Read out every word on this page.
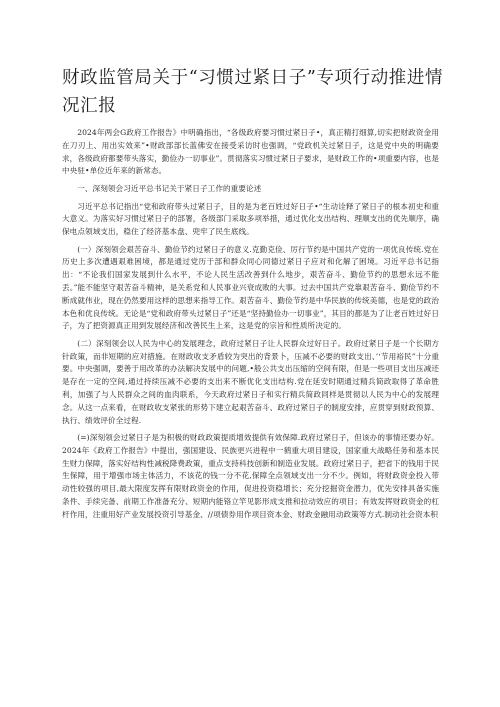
财政监管局关于“习惯过紧日子”专项行动推进情况汇报

2024年两会G政府工作报告》中明确指出，“各级政府要习惯过紧日子•，真正精打细算,切实把财政资金用在刀刃上、用出实效来”•财政部部长蓝佛安在接受采访时也强调，“党政机关过紧日子，这是党中央的明确要求，各级政府都要带头落实，勤俭办一切事业”。贯彻落实习惯过紧日子要求，是财政工作的•项重要内容，也是中央驻•单位近年来的新常态。

一、深刻领会习近平总书记关于紧日子工作的重要论述

习近平总书记指出“党和政府带头过紧日子，目的是为老百姓过好日子•“生动诠释了紧日子的根本初史和重大意义。为落实好习惯过紧日子的部署，各级部门采取多项举措，通过优化支出结构、理顺支出的优先顺序，确保电点领域支出，稳住了经济基本盘、兜牢了民生底线。

(一）深刻领会艰苦奋斗、勤俭节约过紧日子的意义.克勤克俭、厉行节约是中国共产党的一项优良传统.党在历史上多次遭遇艰难困境，都是通过党历于部和群众同心同德过紧日子应对和化解了困境。习近平总书记指出：“不论我们国家发展到什么水平，不论人民生活改善到什么地步，艰苦奋斗、勤俭节约的思想永远不能丢。”能不能坚守艰苦奋斗精神，是关系党和人民事业兴衰成败的大事。过去中国共产党靠艰苦奋斗、勤俭节约不断成就伟业，现在仍然要用这样的思想来指导工作。艰苦奋斗、勤俭节约是中华民族的传统美德，也是党的政治本色和优良传统。无论是“党和政府带头过紧日子”还是“坚持勤俭办一切事业”，其目的都是为了让老百姓过好日子，为了把资源真正用到发展经济和改善民生上来，这是党的宗旨和性质所决定的。

(二）深刻领会以人民为中心的发展理念，政府过紧日子让人民群众过好日子。政府过紧日子是一个长期方针政策，而非短期的应对措施。在财政收支矛盾较为突出的背景卜，压减不必要的财政支出、’‘节用裕民”十分重要。中央强调，要善于用改革的办法解决发展中的问题,•般公共支出压缩的空间有限，但是一些项目支出压减还是存在一定的空间,通过持续压减不必要的支出来不断优化支出结构.党在延安时期通过精兵简政取得了革命胜利，加强了与人民群众之间的血肉联系，今天政府过紧日子和实行精兵简政同样是贯彻以人民为中心的发展理念。从这一点来看，在财政收支紧张的形势下建立起艰苦奋斗、政府过紧日子的制度安排，应贯穿到财政预算、执行、绩效评价全过程.

(=)深刻领会过紧日子是为积极的财政政策提质增效提供有效保障.政府过紧日子，但该办的事情还要办好。2024年《政府工作报告》中提出，强国建设、民族更兴进程中一鹤重大项目建设，国家重大战略任务和基本民生财力保障，落实好结构性减税降费政策，重点支持科技创新和制造业发展。政府过紧日子，把省下的钱用于民生保障，用于增强市场主体活力，不该花的钱一分不花,保障全点领域支出一分不少。例如，将财政资金投入带动性较强的项目,最大限度发挥有限财政资金的作用，促进投资稳增长；充分挖掘资金潜力，优先安排具备实施条件、手续完备、前期工作准备充分、短期内能铬立竿见影形成支推和拉动效应的项目；有效发挥财政资金的杠杆作用，注重用好产业发展投资引导基金、//项债券用作项目资本金、财政金融用动政策等方式.制动社会资本积
